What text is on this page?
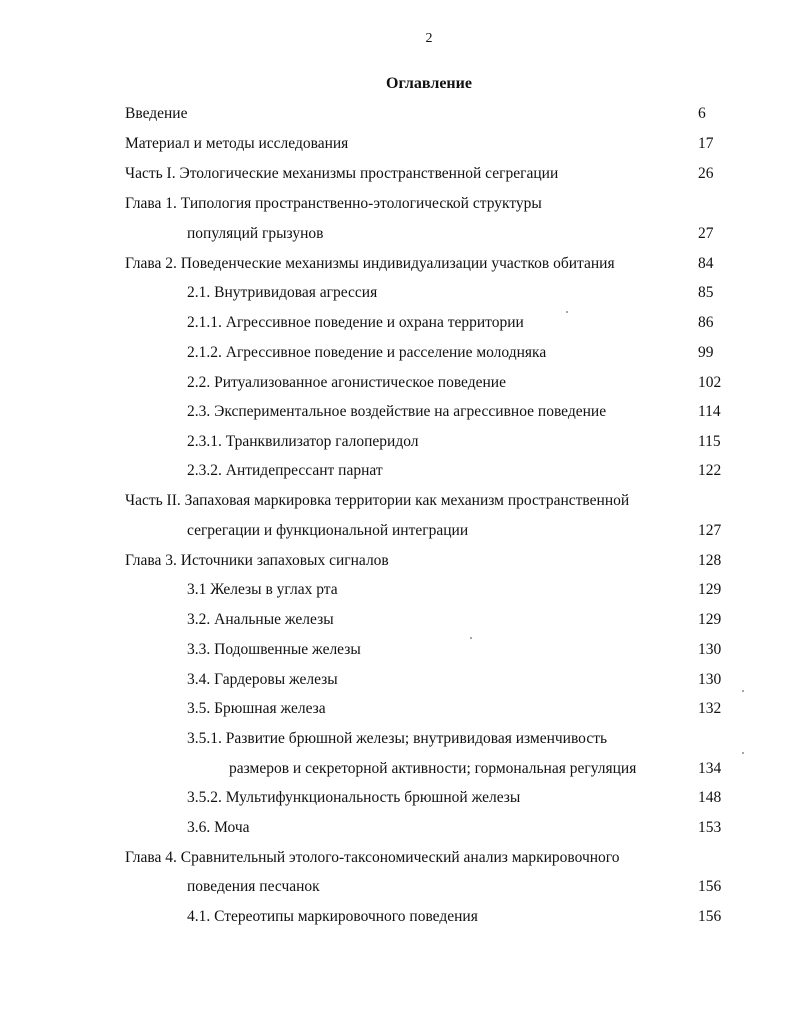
2
Оглавление
Введение	6
Материал и методы исследования	17
Часть I. Этологические механизмы пространственной сегрегации	26
Глава 1. Типология пространственно-этологической структуры
популяций грызунов	27
Глава 2. Поведенческие механизмы индивидуализации участков обитания	84
2.1. Внутривидовая агрессия	85
2.1.1. Агрессивное поведение и охрана территории	86
2.1.2. Агрессивное поведение и расселение молодняка	99
2.2. Ритуализованное агонистическое поведение	102
2.3. Экспериментальное воздействие на агрессивное поведение	114
2.3.1. Транквилизатор галоперидол	115
2.3.2. Антидепрессант парнат	122
Часть II. Запаховая маркировка территории как механизм пространственной
сегрегации и функциональной интеграции	127
Глава 3. Источники запаховых сигналов	128
3.1 Железы в углах рта	129
3.2. Анальные железы	129
3.3. Подошвенные железы	130
3.4. Гардеровы железы	130
3.5. Брюшная железа	132
3.5.1. Развитие брюшной железы; внутривидовая изменчивость
размеров и секреторной активности; гормональная регуляция	134
3.5.2. Мультифункциональность брюшной железы	148
3.6. Моча	153
Глава 4. Сравнительный этолого-таксономический анализ маркировочного
поведения песчанок	156
4.1. Стереотипы маркировочного поведения	156
